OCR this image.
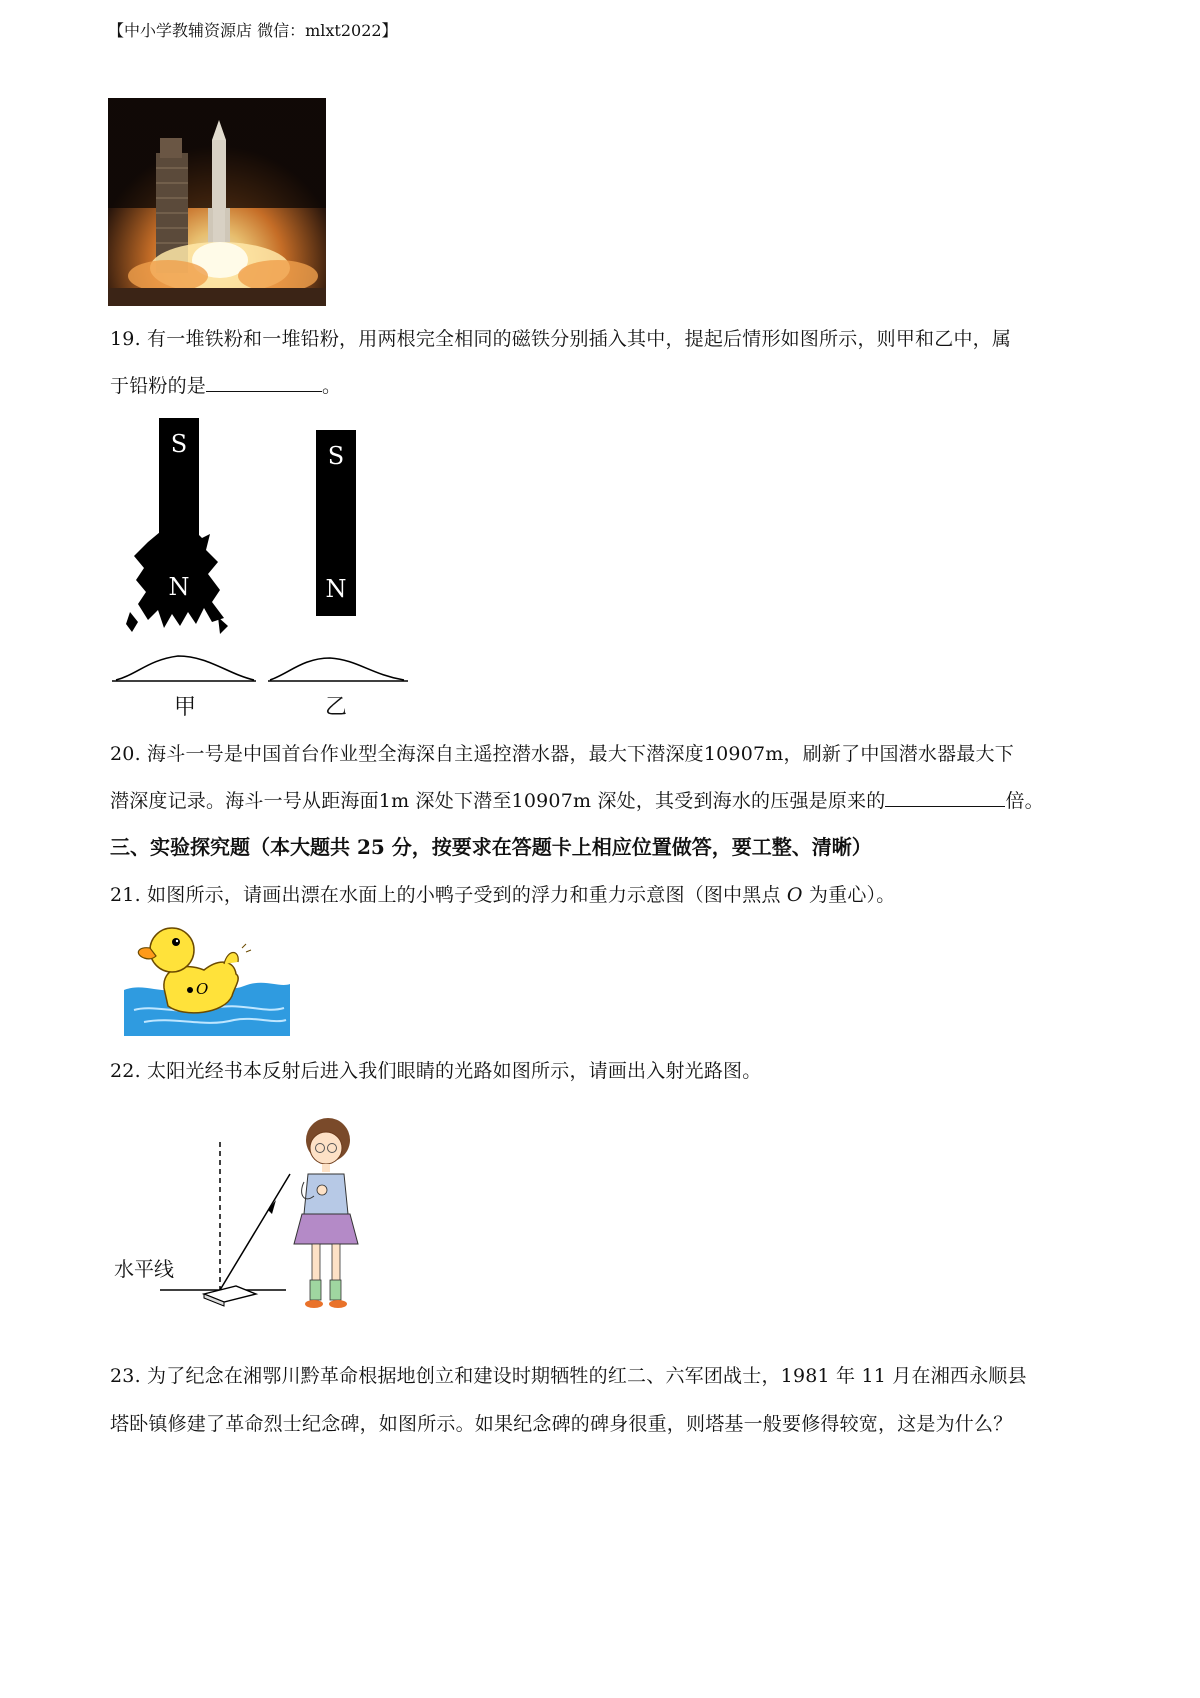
【中小学教辅资源店 微信：mlxt2022】
19. 有一堆铁粉和一堆铅粉，用两根完全相同的磁铁分别插入其中，提起后情形如图所示，则甲和乙中，属
于铅粉的是	。
S
N
S
N
甲	乙
20. 海斗一号是中国首台作业型全海深自主遥控潜水器，最大下潜深度10907m，刷新了中国潜水器最大下
潜深度记录。海斗一号从距海面1m 深处下潜至10907m 深处，其受到海水的压强是原来的	倍。
三、实验探究题（本大题共 25 分，按要求在答题卡上相应位置做答，要工整、清晰）
21. 如图所示，请画出漂在水面上的小鸭子受到的浮力和重力示意图（图中黑点 O 为重心）。
O
22. 太阳光经书本反射后进入我们眼睛的光路如图所示，请画出入射光路图。
水平线
23. 为了纪念在湘鄂川黔革命根据地创立和建设时期牺牲的红二、六军团战士，1981 年 11 月在湘西永顺县
塔卧镇修建了革命烈士纪念碑，如图所示。如果纪念碑的碑身很重，则塔基一般要修得较宽，这是为什么？
